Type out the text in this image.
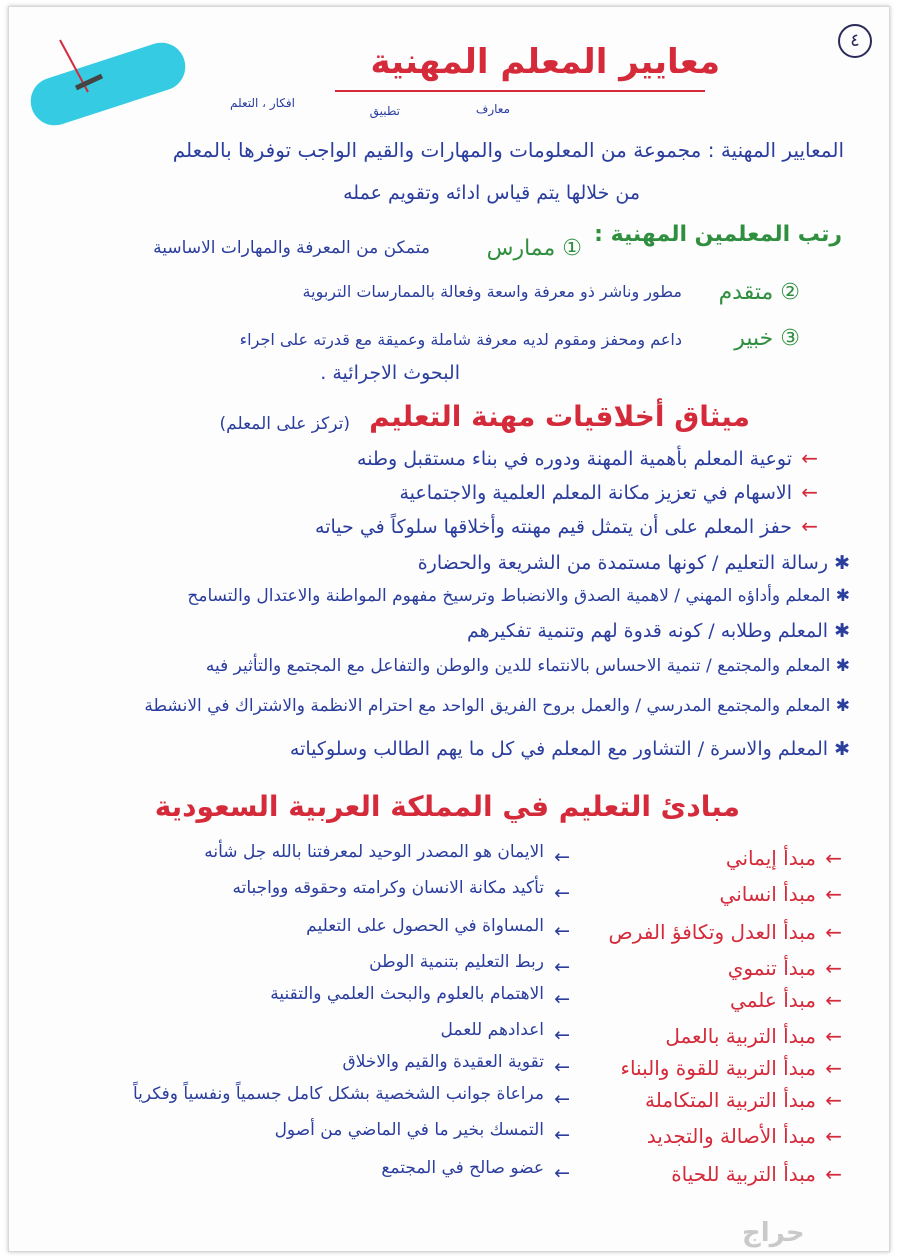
٤
معايير المعلم المهنية
افكار ، التعلم
تطبيق	معارف
المعايير المهنية : مجموعة من المعلومات والمهارات والقيم الواجب توفرها بالمعلم
من خلالها يتم قياس ادائه وتقويم عمله
رتب المعلمين المهنية :
① ممارس
متمكن من المعرفة والمهارات الاساسية
② متقدم
مطور وناشر ذو معرفة واسعة وفعالة بالممارسات التربوية
③ خبير
داعم ومحفز ومقوم لديه معرفة شاملة وعميقة مع قدرته على اجراء
البحوث الاجرائية .
ميثاق أخلاقيات مهنة التعليم
(تركز على المعلم)
←
توعية المعلم بأهمية المهنة ودوره في بناء مستقبل وطنه
←
الاسهام في تعزيز مكانة المعلم العلمية والاجتماعية
←
حفز المعلم على أن يتمثل قيم مهنته وأخلاقها سلوكاً في حياته
✱ رسالة التعليم / كونها مستمدة من الشريعة والحضارة
✱ المعلم وأداؤه المهني / لاهمية الصدق والانضباط وترسيخ مفهوم المواطنة والاعتدال والتسامح
✱ المعلم وطلابه / كونه قدوة لهم وتنمية تفكيرهم
✱ المعلم والمجتمع / تنمية الاحساس بالانتماء للدين والوطن والتفاعل مع المجتمع والتأثير فيه
✱ المعلم والمجتمع المدرسي / والعمل بروح الفريق الواحد مع احترام الانظمة والاشتراك في الانشطة
✱ المعلم والاسرة / التشاور مع المعلم في كل ما يهم الطالب وسلوكياته
مبادئ التعليم في المملكة العربية السعودية
←
مبدأ إيماني
←
الايمان هو المصدر الوحيد لمعرفتنا بالله جل شأنه
←
مبدأ انساني
←
تأكيد مكانة الانسان وكرامته وحقوقه وواجباته
←
مبدأ العدل وتكافؤ الفرص
←
المساواة في الحصول على التعليم
←
مبدأ تنموي
←
ربط التعليم بتنمية الوطن
←
مبدأ علمي
←
الاهتمام بالعلوم والبحث العلمي والتقنية
←
مبدأ التربية بالعمل
←
اعدادهم للعمل
←
مبدأ التربية للقوة والبناء
←
تقوية العقيدة والقيم والاخلاق
←
مبدأ التربية المتكاملة
←
مراعاة جوانب الشخصية بشكل كامل جسمياً ونفسياً وفكرياً
←
مبدأ الأصالة والتجديد
←
التمسك بخير ما في الماضي من أصول
←
مبدأ التربية للحياة
←
عضو صالح في المجتمع
حراج
